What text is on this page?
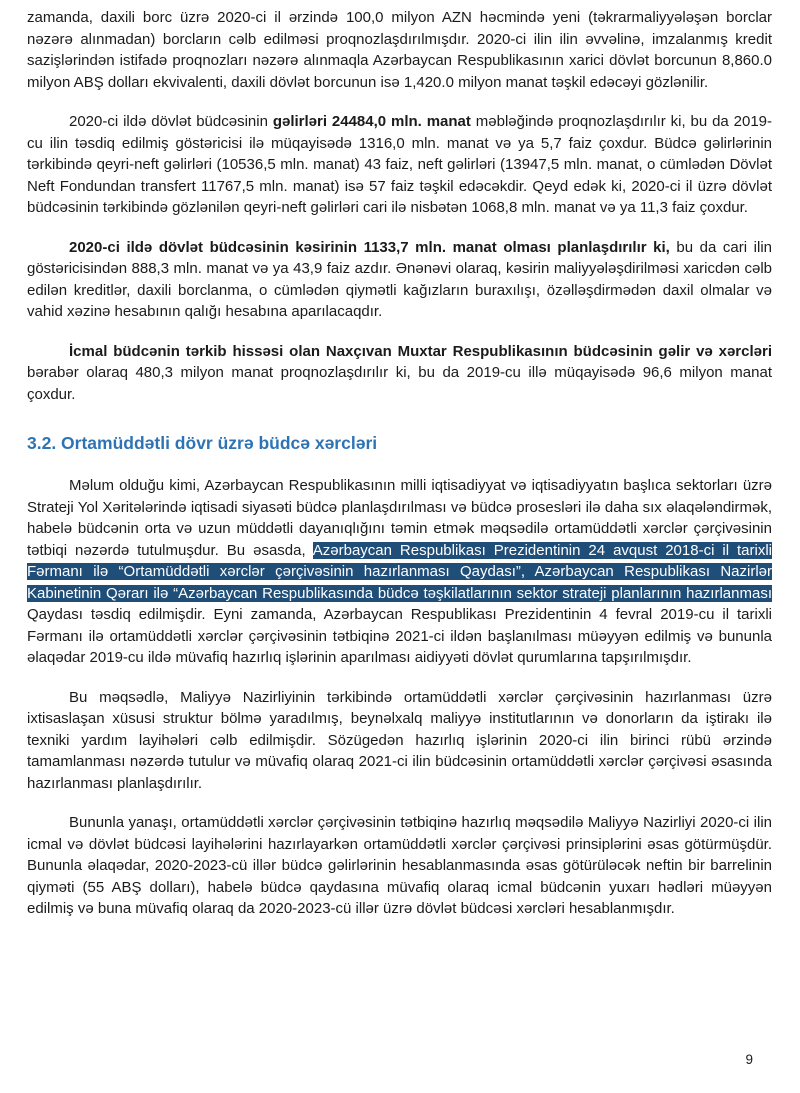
zamanda, daxili borc üzrə 2020-ci il ərzində 100,0 milyon AZN həcmində yeni (təkrarmaliyyələşən borclar nəzərə alınmadan) borcların cəlb edilməsi proqnozlaşdırılmışdır. 2020-ci ilin ilin əvvəlinə, imzalanmış kredit sazişlərindən istifadə proqnozları nəzərə alınmaqla Azərbaycan Respublikasının xarici dövlət borcunun 8,860.0 milyon ABŞ dolları ekvivalenti, daxili dövlət borcunun isə 1,420.0 milyon manat təşkil edəcəyi gözlənilir.

2020-ci ildə dövlət büdcəsinin gəlirləri 24484,0 mln. manat məbləğində proqnozlaşdırılır ki, bu da 2019-cu ilin təsdiq edilmiş göstəricisi ilə müqayisədə 1316,0 mln. manat və ya 5,7 faiz çoxdur. Büdcə gəlirlərinin tərkibində qeyri-neft gəlirləri (10536,5 mln. manat) 43 faiz, neft gəlirləri (13947,5 mln. manat, o cümlədən Dövlət Neft Fondundan transfert 11767,5 mln. manat) isə 57 faiz təşkil edəcəkdir. Qeyd edək ki, 2020-ci il üzrə dövlət büdcəsinin tərkibində gözlənilən qeyri-neft gəlirləri cari ilə nisbətən 1068,8 mln. manat və ya 11,3 faiz çoxdur.

2020-ci ildə dövlət büdcəsinin kəsirinin 1133,7 mln. manat olması planlaşdırılır ki, bu da cari ilin göstəricisindən 888,3 mln. manat və ya 43,9 faiz azdır. Ənənəvi olaraq, kəsirin maliyyələşdirilməsi xaricdən cəlb edilən kreditlər, daxili borclanma, o cümlədən qiymətli kağızların buraxılışı, özəlləşdirmədən daxil olmalar və vahid xəzinə hesabının qalığı hesabına aparılacaqdır.

İcmal büdcənin tərkib hissəsi olan Naxçıvan Muxtar Respublikasının büdcəsinin gəlir və xərcləri bərabər olaraq 480,3 milyon manat proqnozlaşdırılır ki, bu da 2019-cu illə müqayisədə 96,6 milyon manat çoxdur.

3.2. Ortamüddətli dövr üzrə büdcə xərcləri

Məlum olduğu kimi, Azərbaycan Respublikasının milli iqtisadiyyat və iqtisadiyyatın başlıca sektorları üzrə Strateji Yol Xəritələrində iqtisadi siyasəti büdcə planlaşdırılması və büdcə prosesləri ilə daha sıx əlaqələndirmək, habelə büdcənin orta və uzun müddətli dayanıqlığını təmin etmək məqsədilə ortamüddətli xərclər çərçivəsinin tətbiqi nəzərdə tutulmuşdur. Bu əsasda, Azərbaycan Respublikası Prezidentinin 24 avqust 2018-ci il tarixli Fərmanı ilə “Ortamüddətli xərclər çərçivəsinin hazırlanması Qaydası”, Azərbaycan Respublikası Nazirlər Kabinetinin Qərarı ilə “Azərbaycan Respublikasında büdcə təşkilatlarının sektor strateji planlarının hazırlanması Qaydası təsdiq edilmişdir. Eyni zamanda, Azərbaycan Respublikası Prezidentinin 4 fevral 2019-cu il tarixli Fərmanı ilə ortamüddətli xərclər çərçivəsinin tətbiqinə 2021-ci ildən başlanılması müəyyən edilmiş və bununla əlaqədar 2019-cu ildə müvafiq hazırlıq işlərinin aparılması aidiyyəti dövlət qurumlarına tapşırılmışdır.

Bu məqsədlə, Maliyyə Nazirliyinin tərkibində ortamüddətli xərclər çərçivəsinin hazırlanması üzrə ixtisaslaşan xüsusi struktur bölmə yaradılmış, beynəlxalq maliyyə institutlarının və donorların da iştirakı ilə texniki yardım layihələri cəlb edilmişdir. Sözügedən hazırlıq işlərinin 2020-ci ilin birinci rübü ərzində tamamlanması nəzərdə tutulur və müvafiq olaraq 2021-ci ilin büdcəsinin ortamüddətli xərclər çərçivəsi əsasında hazırlanması planlaşdırılır.

Bununla yanaşı, ortamüddətli xərclər çərçivəsinin tətbiqinə hazırlıq məqsədilə Maliyyə Nazirliyi 2020-ci ilin icmal və dövlət büdcəsi layihələrini hazırlayarkən ortamüddətli xərclər çərçivəsi prinsiplərini əsas götürmüşdür. Bununla əlaqədar, 2020-2023-cü illər büdcə gəlirlərinin hesablanmasında əsas götürüləcək neftin bir barrelinin qiyməti (55 ABŞ dolları), habelə büdcə qaydasına müvafiq olaraq icmal büdcənin yuxarı hədləri müəyyən edilmiş və buna müvafiq olaraq da 2020-2023-cü illər üzrə dövlət büdcəsi xərcləri hesablanmışdır.

9
